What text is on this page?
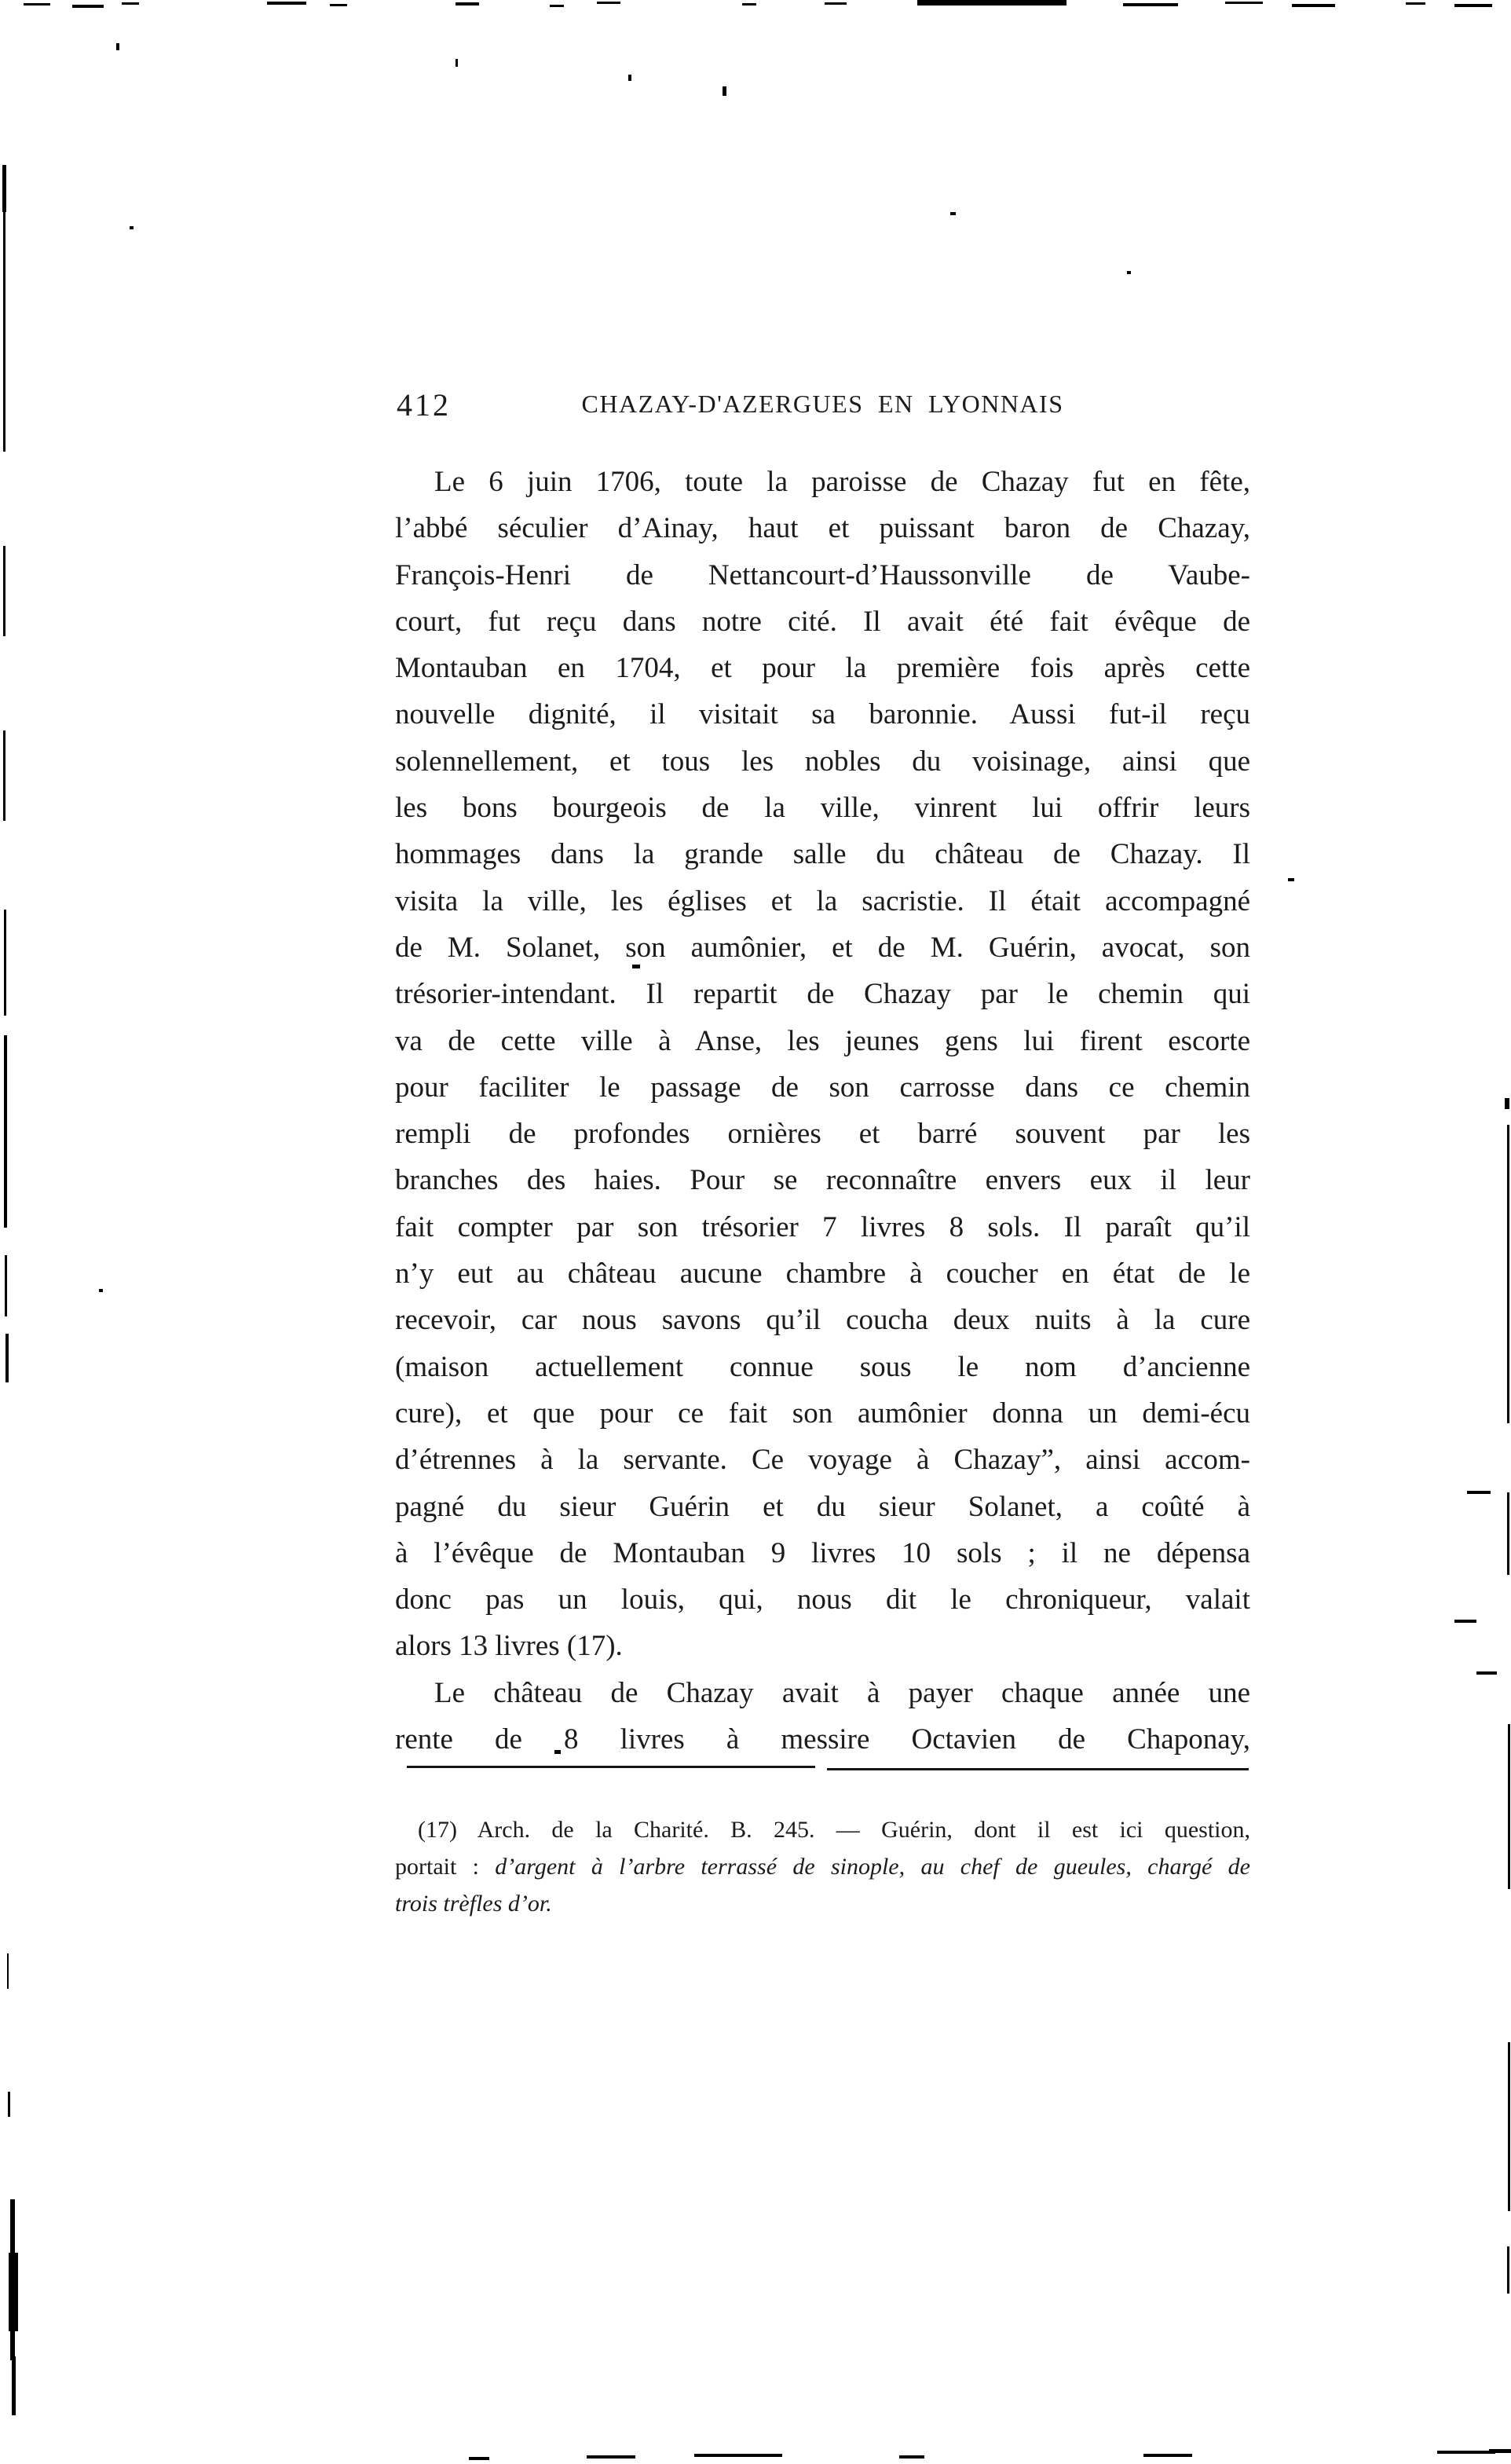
412	CHAZAY-D'AZERGUES EN LYONNAIS
Le 6 juin 1706, toute la paroisse de Chazay fut en fête,
l’abbé séculier d’Ainay, haut et puissant baron de Chazay,
François-Henri de Nettancourt-d’Haussonville de Vaube-
court, fut reçu dans notre cité. Il avait été fait évêque de
Montauban en 1704, et pour la première fois après cette
nouvelle dignité, il visitait sa baronnie. Aussi fut-il reçu
solennellement, et tous les nobles du voisinage, ainsi que
les bons bourgeois de la ville, vinrent lui offrir leurs
hommages dans la grande salle du château de Chazay. Il
visita la ville, les églises et la sacristie. Il était accompagné
de M. Solanet, son aumônier, et de M. Guérin, avocat, son
trésorier-intendant. Il repartit de Chazay par le chemin qui
va de cette ville à Anse, les jeunes gens lui firent escorte
pour faciliter le passage de son carrosse dans ce chemin
rempli de profondes ornières et barré souvent par les
branches des haies. Pour se reconnaître envers eux il leur
fait compter par son trésorier 7 livres 8 sols. Il paraît qu’il
n’y eut au château aucune chambre à coucher en état de le
recevoir, car nous savons qu’il coucha deux nuits à la cure
(maison actuellement connue sous le nom d’ancienne
cure), et que pour ce fait son aumônier donna un demi-écu
d’étrennes à la servante. Ce voyage à Chazay”, ainsi accom-
pagné du sieur Guérin et du sieur Solanet, a coûté à
à l’évêque de Montauban 9 livres 10 sols ; il ne dépensa
donc pas un louis, qui, nous dit le chroniqueur, valait
alors 13 livres (17).
Le château de Chazay avait à payer chaque année une
rente de 8 livres à messire Octavien de Chaponay,
(17) Arch. de la Charité. B. 245. — Guérin, dont il est ici question,
portait : d’argent à l’arbre terrassé de sinople, au chef de gueules, chargé de
trois trèfles d’or.
